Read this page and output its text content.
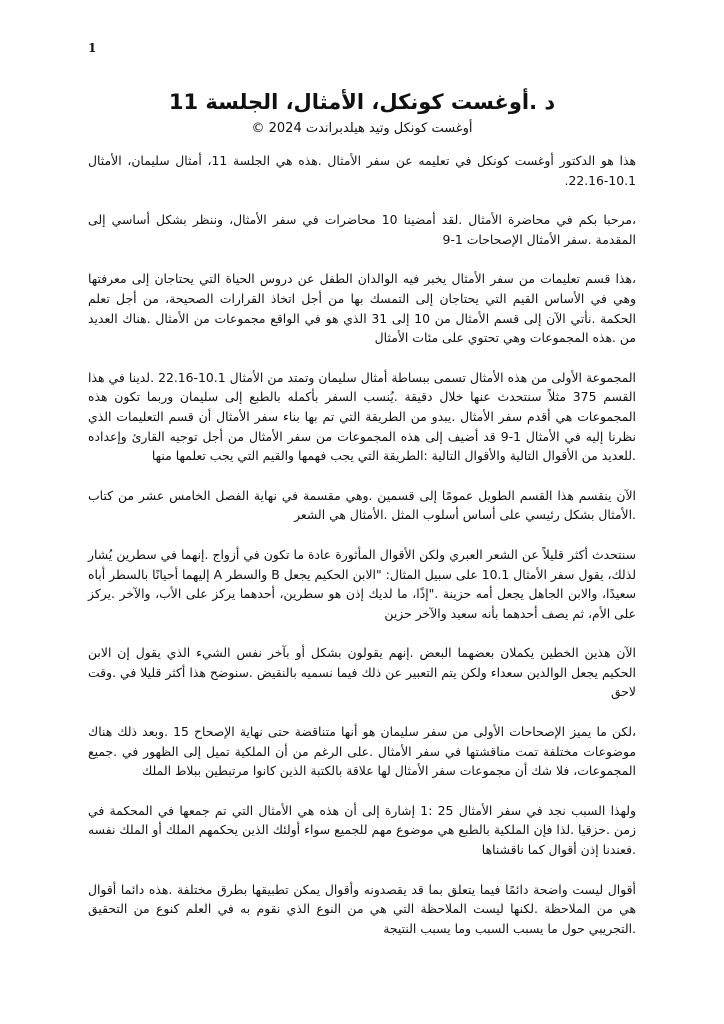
1
د .أوغست كونكل، الأمثال، الجلسة 11
أوغست كونكل وتيد هيلدبراندت 2024 ©

هذا هو الدكتور أوغست كونكل في تعليمه عن سفر الأمثال .هذه هي الجلسة 11، أمثال سليمان، الأمثال 10.1-22.16.

،مرحبا بكم في محاضرة الأمثال .لقد أمضينا 10 محاضرات في سفر الأمثال، وننظر بشكل أساسي إلى المقدمة .سفر الأمثال الإصحاحات 1-9

،هذا قسم تعليمات من سفر الأمثال يخبر فيه الوالدان الطفل عن دروس الحياة التي يحتاجان إلى معرفتها وهي في الأساس القيم التي يحتاجان إلى التمسك بها من أجل اتخاذ القرارات الصحيحة، من أجل تعلم الحكمة .نأتي الآن إلى قسم الأمثال من 10 إلى 31 الذي هو في الواقع مجموعات من الأمثال .هناك العديد من .هذه المجموعات وهي تحتوي على مئات الأمثال

المجموعة الأولى من هذه الأمثال تسمى ببساطة أمثال سليمان وتمتد من الأمثال 10.1-22.16 .لدينا في هذا القسم 375 مثلاً سنتحدث عنها خلال دقيقة .يُنسب السفر بأكمله بالطبع إلى سليمان وربما تكون هذه المجموعات هي أقدم سفر الأمثال .يبدو من الطريقة التي تم بها بناء سفر الأمثال أن قسم التعليمات الذي نظرنا إليه في الأمثال 1-9 قد أضيف إلى هذه المجموعات من سفر الأمثال من أجل توجيه القارئ وإعداده .للعديد من الأقوال التالية والأقوال التالية :الطريقة التي يجب فهمها والقيم التي يجب تعلمها منها

الآن ينقسم هذا القسم الطويل عمومًا إلى قسمين .وهي مقسمة في نهاية الفصل الخامس عشر من كتاب .الأمثال بشكل رئيسي على أساس أسلوب المثل .الأمثال هي الشعر

سنتحدث أكثر قليلاً عن الشعر العبري ولكن الأقوال المأثورة عادة ما تكون في أزواج .إنهما في سطرين يُشار لذلك، يقول سفر الأمثال 10.1 على سبيل المثال: "الابن الحكيم يجعل B والسطر A إليهما أحيانًا بالسطر أباه سعيدًا، والابن الجاهل يجعل أمه حزينة ."إذًا، ما لديك إذن هو سطرين، أحدهما يركز على الأب، والآخر .يركز على الأم، ثم يصف أحدهما بأنه سعيد والآخر حزين

الآن هذين الخطين يكملان بعضهما البعض .إنهم يقولون بشكل أو بآخر نفس الشيء الذي يقول إن الابن الحكيم يجعل الوالدين سعداء ولكن يتم التعبير عن ذلك فيما نسميه بالنقيض .سنوضح هذا أكثر قليلا في .وقت لاحق

،لكن ما يميز الإصحاحات الأولى من سفر سليمان هو أنها متناقضة حتى نهاية الإصحاح 15 .وبعد ذلك هناك موضوعات مختلفة تمت مناقشتها في سفر الأمثال .على الرغم من أن الملكية تميل إلى الظهور في .جميع المجموعات، فلا شك أن مجموعات سفر الأمثال لها علاقة بالكتبة الذين كانوا مرتبطين ببلاط الملك

ولهذا السبب نجد في سفر الأمثال 25 :1 إشارة إلى أن هذه هي الأمثال التي تم جمعها في المحكمة في زمن .حزقيا .لذا فإن الملكية بالطبع هي موضوع مهم للجميع سواء أولئك الذين يحكمهم الملك أو الملك نفسه .فعندنا إذن أقوال كما ناقشناها

أقوال ليست واضحة دائمًا فيما يتعلق بما قد يقصدونه وأقوال يمكن تطبيقها بطرق مختلفة .هذه دائما أقوال هي من الملاحظة .لكنها ليست الملاحظة التي هي من النوع الذي نقوم به في العلم كنوع من التحقيق .التجريبي حول ما يسبب السبب وما يسبب النتيجة
